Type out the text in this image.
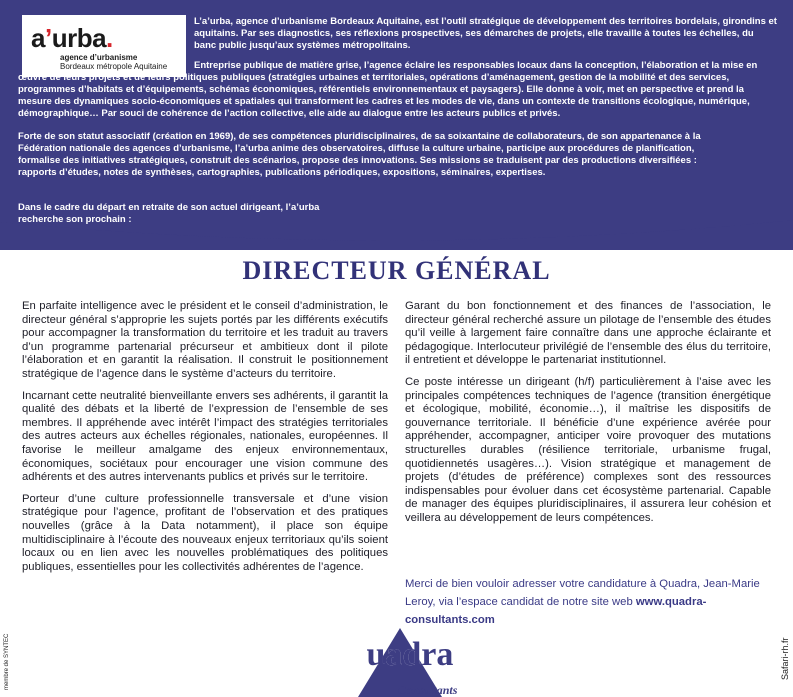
a’urba.
agence d’urbanisme
Bordeaux métropole Aquitaine
L’a’urba, agence d’urbanisme Bordeaux Aquitaine, est l’outil stratégique de développement des territoires bordelais, girondins et aquitains. Par ses diagnostics, ses réflexions prospectives, ses démarches de projets, elle travaille à toutes les échelles, du banc public jusqu’aux systèmes métropolitains.
Entreprise publique de matière grise, l’agence éclaire les responsables locaux dans la conception, l’élaboration et la mise en œuvre de leurs projets et de leurs politiques publiques (stratégies urbaines et territoriales, opérations d’aménagement, gestion de la mobilité et des services, programmes d’habitats et d’équipements, schémas économiques, référentiels environnementaux et paysagers). Elle donne à voir, met en perspective et prend la mesure des dynamiques socio-économiques et spatiales qui transforment les cadres et les modes de vie, dans un contexte de transitions écologique, numérique, démographique… Par souci de cohérence de l’action collective, elle aide au dialogue entre les acteurs publics et privés.
Forte de son statut associatif (création en 1969), de ses compétences pluridisciplinaires, de sa soixantaine de collaborateurs, de son appartenance à la Fédération nationale des agences d’urbanisme, l’a’urba anime des observatoires, diffuse la culture urbaine, participe aux procédures de planification, formalise des initiatives stratégiques, construit des scénarios, propose des innovations. Ses missions se traduisent par des productions diversifiées : rapports d’études, notes de synthèses, cartographies, publications périodiques, expositions, séminaires, expertises.
Dans le cadre du départ en retraite de son actuel dirigeant, l’a’urba recherche son prochain :
DIRECTEUR GÉNÉRAL

En parfaite intelligence avec le président et le conseil d’administration, le directeur général s’approprie les sujets portés par les différents exécutifs pour accompagner la transformation du territoire et les traduit au travers d’un programme partenarial précurseur et ambitieux dont il pilote l’élaboration et en garantit la réalisation. Il construit le positionnement stratégique de l’agence dans le système d’acteurs du territoire.

Incarnant cette neutralité bienveillante envers ses adhérents, il garantit la qualité des débats et la liberté de l’expression de l’ensemble de ses membres. Il appréhende avec intérêt l’impact des stratégies territoriales des autres acteurs aux échelles régionales, nationales, européennes. Il favorise le meilleur amalgame des enjeux environnementaux, économiques, sociétaux pour encourager une vision commune des adhérents et des autres intervenants publics et privés sur le territoire.

Porteur d’une culture professionnelle transversale et d’une vision stratégique pour l’agence, profitant de l’observation et des pratiques nouvelles (grâce à la Data notamment), il place son équipe multidisciplinaire à l’écoute des nouveaux enjeux territoriaux qu’ils soient locaux ou en lien avec les nouvelles problématiques des politiques publiques, essentielles pour les collectivités adhérentes de l’agence.

Garant du bon fonctionnement et des finances de l’association, le directeur général recherché assure un pilotage de l’ensemble des études qu’il veille à largement faire connaître dans une approche éclairante et pédagogique. Interlocuteur privilégié de l’ensemble des élus du territoire, il entretient et développe le partenariat institutionnel.

Ce poste intéresse un dirigeant (h/f) particulièrement à l’aise avec les principales compétences techniques de l’agence (transition énergétique et écologique, mobilité, économie…), il maîtrise les dispositifs de gouvernance territoriale. Il bénéficie d’une expérience avérée pour appréhender, accompagner, anticiper voire provoquer des mutations structurelles durables (résilience territoriale, urbanisme frugal, quotidiennetés usagères…). Vision stratégique et management de projets (d’études de préférence) complexes sont des ressources indispensables pour évoluer dans cet écosystème partenarial. Capable de manager des équipes pluridisciplinaires, il assurera leur cohésion et veillera au développement de leurs compétences.

Merci de bien vouloir adresser votre candidature à Quadra, Jean-Marie Leroy, via l’espace candidat de notre site web www.quadra-consultants.com
membre de SYNTEC	Safari-rh.fr
Quadra
Consultants
